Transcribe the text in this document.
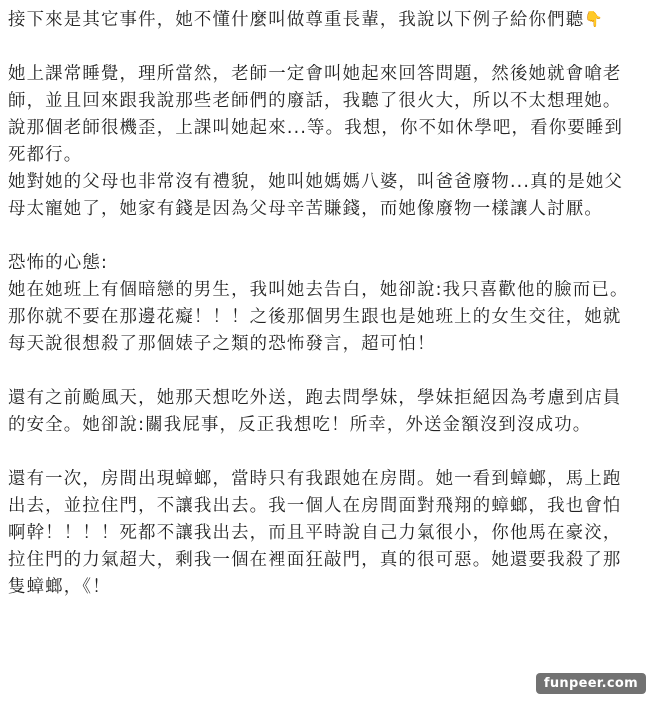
接下來是其它事件，她不懂什麼叫做尊重長輩，我說以下例子給你們聽👇
她上課常睡覺，理所當然，老師一定會叫她起來回答問題，然後她就會嗆老
師，並且回來跟我說那些老師們的廢話，我聽了很火大，所以不太想理她。
說那個老師很機歪，上課叫她起來...等。我想，你不如休學吧，看你要睡到
死都行。
她對她的父母也非常沒有禮貌，她叫她媽媽八婆，叫爸爸廢物...真的是她父
母太寵她了，她家有錢是因為父母辛苦賺錢，而她像廢物一樣讓人討厭。
恐怖的心態:
她在她班上有個暗戀的男生，我叫她去告白，她卻說:我只喜歡他的臉而已。
那你就不要在那邊花癡！！！之後那個男生跟也是她班上的女生交往，她就
每天說很想殺了那個婊子之類的恐怖發言，超可怕！
還有之前颱風天，她那天想吃外送，跑去問學妹，學妹拒絕因為考慮到店員
的安全。她卻說:關我屁事，反正我想吃！所幸，外送金額沒到沒成功。
還有一次，房間出現蟑螂，當時只有我跟她在房間。她一看到蟑螂，馬上跑
出去，並拉住門，不讓我出去。我一個人在房間面對飛翔的蟑螂，我也會怕
啊幹！！！！死都不讓我出去，而且平時說自己力氣很小，你他馬在豪洨，
拉住門的力氣超大，剩我一個在裡面狂敲門，真的很可惡。她還要我殺了那
隻蟑螂，《！
funpeer.com
